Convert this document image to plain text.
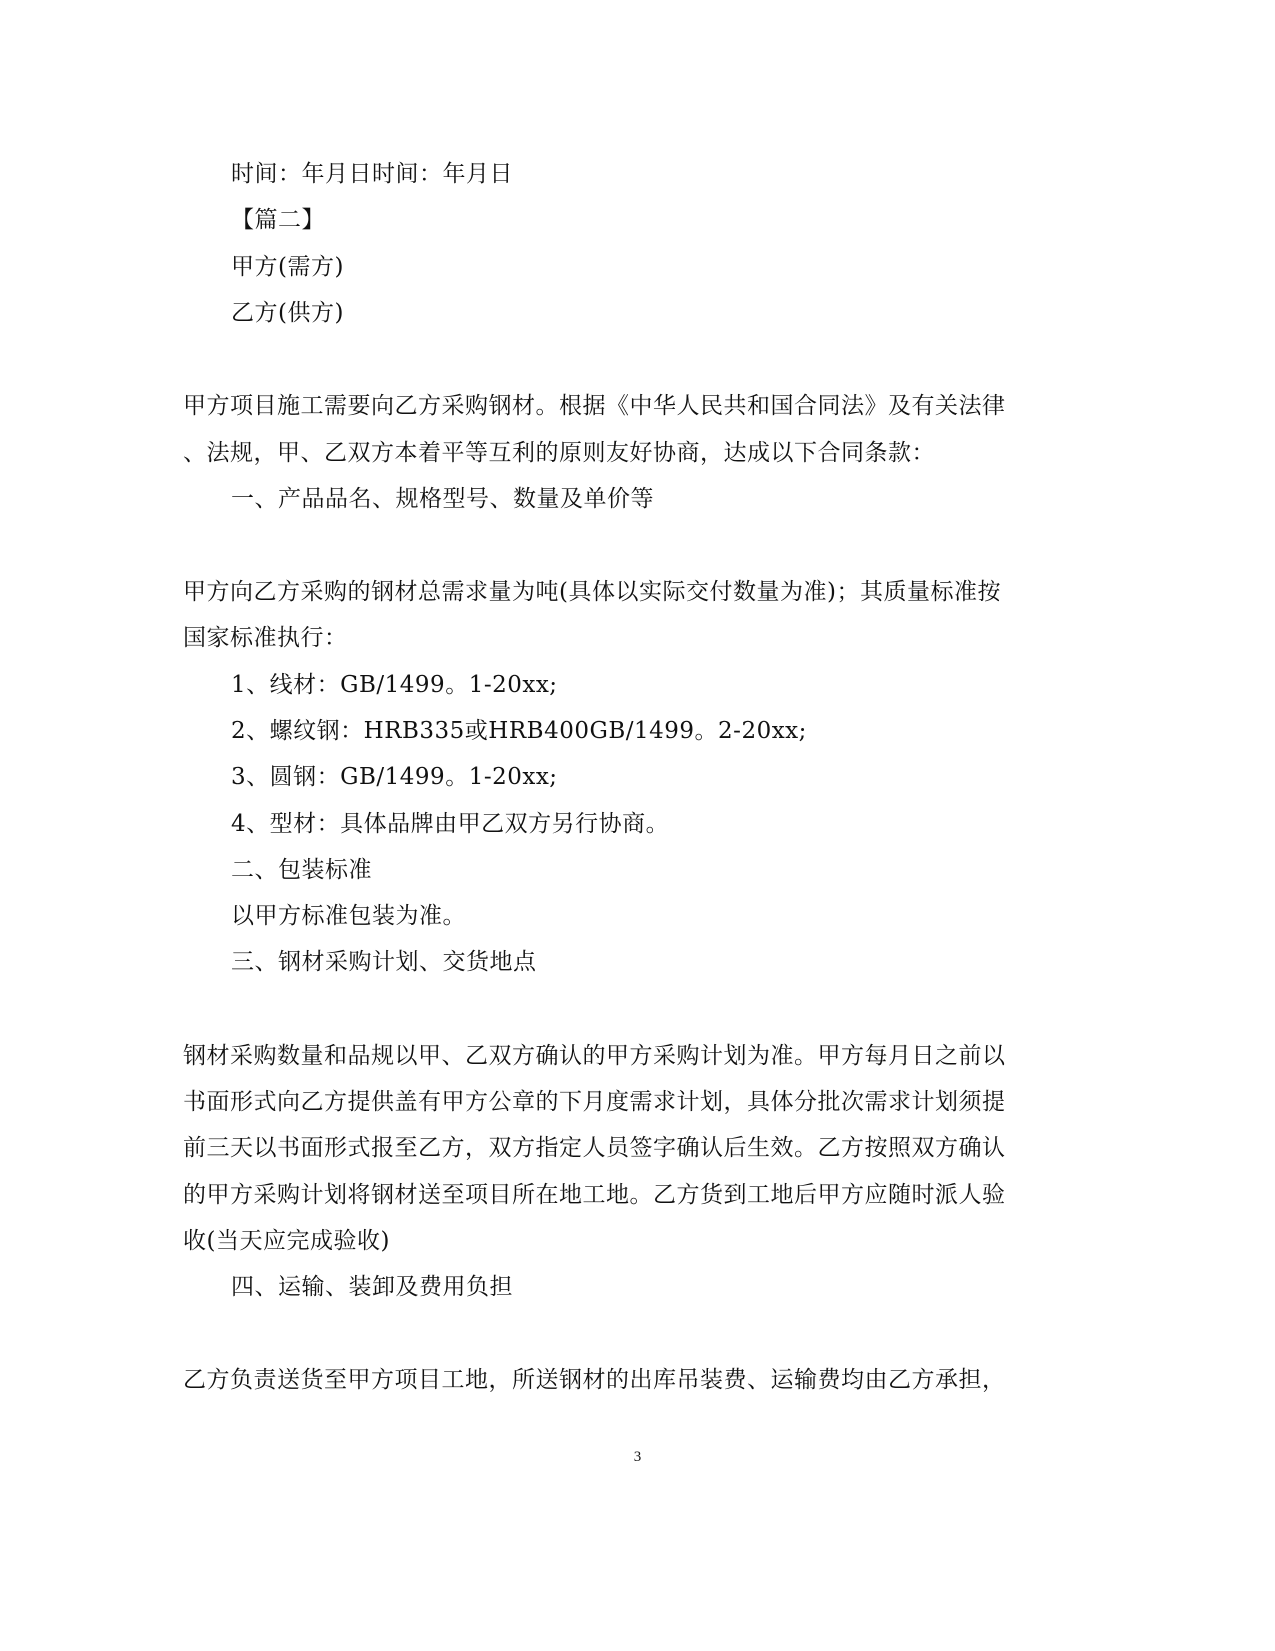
时间：年月日时间：年月日
【篇二】
甲方(需方)
乙方(供方)
甲方项目施工需要向乙方采购钢材。根据《中华人民共和国合同法》及有关法律
、法规，甲、乙双方本着平等互利的原则友好协商，达成以下合同条款：
一、产品品名、规格型号、数量及单价等
甲方向乙方采购的钢材总需求量为吨(具体以实际交付数量为准)；其质量标准按
国家标准执行：
1、线材：GB/1499。1-20xx;
2、螺纹钢：HRB335或HRB400GB/1499。2-20xx;
3、圆钢：GB/1499。1-20xx;
4、型材：具体品牌由甲乙双方另行协商。
二、包装标准
以甲方标准包装为准。
三、钢材采购计划、交货地点
钢材采购数量和品规以甲、乙双方确认的甲方采购计划为准。甲方每月日之前以
书面形式向乙方提供盖有甲方公章的下月度需求计划，具体分批次需求计划须提
前三天以书面形式报至乙方，双方指定人员签字确认后生效。乙方按照双方确认
的甲方采购计划将钢材送至项目所在地工地。乙方货到工地后甲方应随时派人验
收(当天应完成验收)
四、运输、装卸及费用负担
乙方负责送货至甲方项目工地，所送钢材的出库吊装费、运输费均由乙方承担，
3
